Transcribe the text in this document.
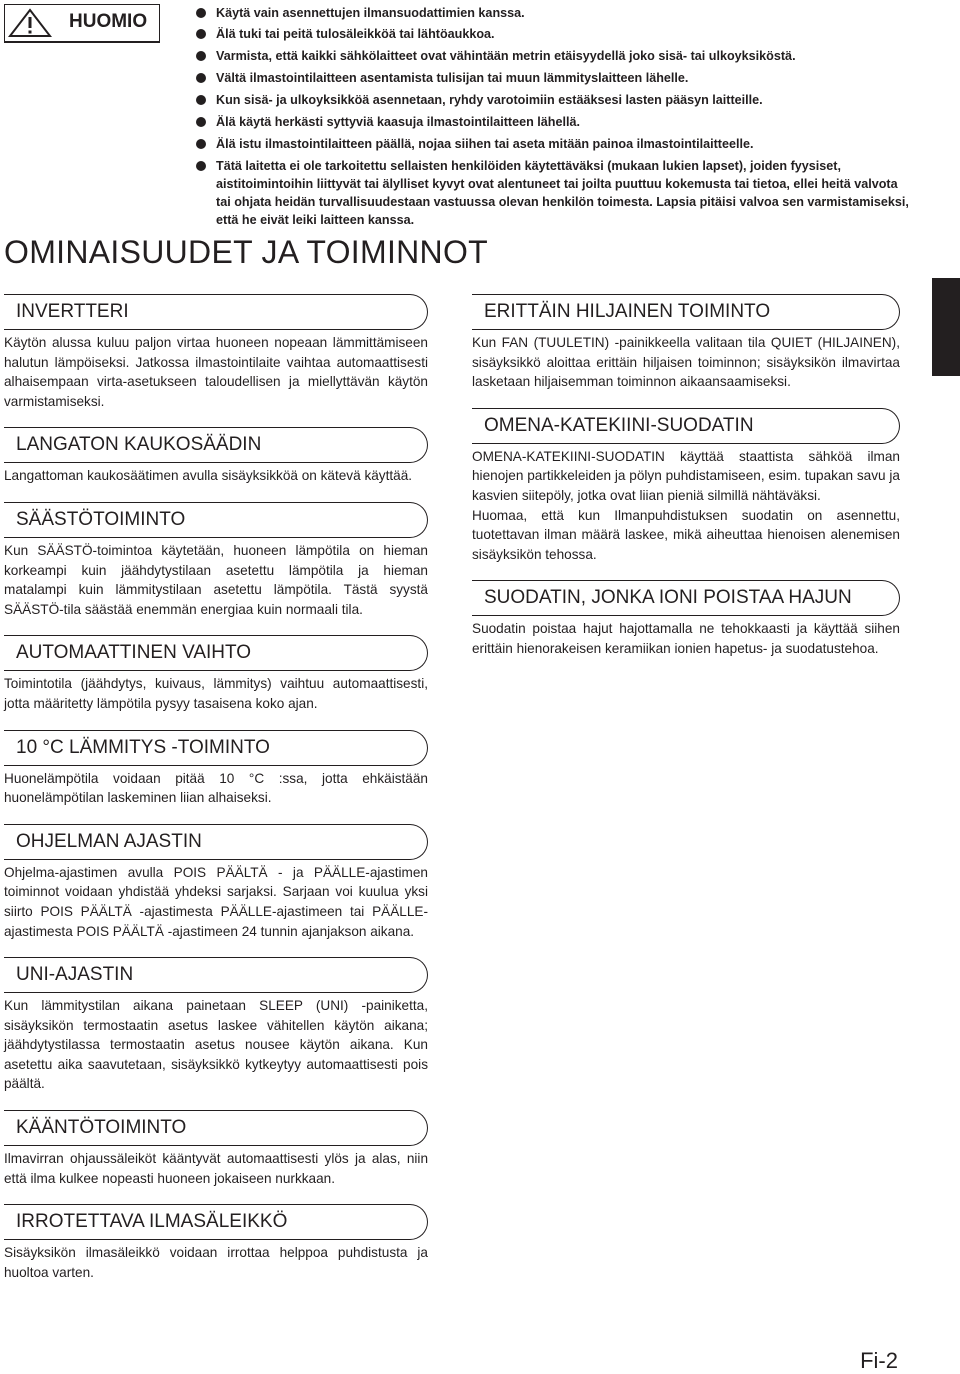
HUOMIO	Käytä vain asennettujen ilmansuodattimien kanssa.
Älä tuki tai peitä tulosäleikköä tai lähtöaukkoa.
Varmista, että kaikki sähkölaitteet ovat vähintään metrin etäisyydellä joko sisä- tai ulkoyksiköstä.
Vältä ilmastointilaitteen asentamista tulisijan tai muun lämmityslaitteen lähelle.
Kun sisä- ja ulkoyksikköä asennetaan, ryhdy varotoimiin estääksesi lasten pääsyn laitteille.
Älä käytä herkästi syttyviä kaasuja ilmastointilaitteen lähellä.
Älä istu ilmastointilaitteen päällä, nojaa siihen tai aseta mitään painoa ilmastointilaitteelle.
Tätä laitetta ei ole tarkoitettu sellaisten henkilöiden käytettäväksi (mukaan lukien lapset), joiden fyysiset, aistitoimintoihin liittyvät tai älylliset kyvyt ovat alentuneet tai joilta puuttuu kokemusta tai tietoa, ellei heitä valvota tai ohjata heidän turvallisuudestaan vastuussa olevan henkilön toimesta. Lapsia pitäisi valvoa sen varmistamiseksi, että he eivät leiki laitteen kanssa.
OMINAISUUDET JA TOIMINNOT
INVERTTERI

Käytön alussa kuluu paljon virtaa huoneen nopeaan lämmittämiseen halutun lämpöiseksi. Jatkossa ilmastointilaite vaihtaa automaattisesti alhaisempaan virta-asetukseen taloudellisen ja miellyttävän käytön varmistamiseksi.

LANGATON KAUKOSÄÄDIN

Langattoman kaukosäätimen avulla sisäyksikköä on kätevä käyttää.

SÄÄSTÖTOIMINTO

Kun SÄÄSTÖ-toimintoa käytetään, huoneen lämpötila on hieman korkeampi kuin jäähdytystilaan asetettu lämpötila ja hieman matalampi kuin lämmitystilaan asetettu lämpötila. Tästä syystä SÄÄSTÖ-tila säästää enemmän energiaa kuin normaali tila.

AUTOMAATTINEN VAIHTO

Toimintotila (jäähdytys, kuivaus, lämmitys) vaihtuu automaattisesti, jotta määritetty lämpötila pysyy tasaisena koko ajan.

10 °C LÄMMITYS -TOIMINTO

Huonelämpötila voidaan pitää 10 °C :ssa, jotta ehkäistään huonelämpötilan laskeminen liian alhaiseksi.

OHJELMAN AJASTIN

Ohjelma-ajastimen avulla POIS PÄÄLTÄ - ja PÄÄLLE-ajastimen toiminnot voidaan yhdistää yhdeksi sarjaksi. Sarjaan voi kuulua yksi siirto POIS PÄÄLTÄ -ajastimesta PÄÄLLE-ajastimeen tai PÄÄLLE-ajastimesta POIS PÄÄLTÄ -ajastimeen 24 tunnin ajanjakson aikana.

UNI-AJASTIN

Kun lämmitystilan aikana painetaan SLEEP (UNI) -painiketta, sisäyksikön termostaatin asetus laskee vähitellen käytön aikana; jäähdytystilassa termostaatin asetus nousee käytön aikana. Kun asetettu aika saavutetaan, sisäyksikkö kytkeytyy automaattisesti pois päältä.

KÄÄNTÖTOIMINTO

Ilmavirran ohjaussäleiköt kääntyvät automaattisesti ylös ja alas, niin että ilma kulkee nopeasti huoneen jokaiseen nurkkaan.

IRROTETTAVA ILMASÄLEIKKÖ

Sisäyksikön ilmasäleikkö voidaan irrottaa helppoa puhdistusta ja huoltoa varten.

ERITTÄIN HILJAINEN TOIMINTO

Kun FAN (TUULETIN) -painikkeella valitaan tila QUIET (HILJAINEN), sisäyksikkö aloittaa erittäin hiljaisen toiminnon; sisäyksikön ilmavirtaa lasketaan hiljaisemman toiminnon aikaansaamiseksi.

OMENA-KATEKIINI-SUODATIN

OMENA-KATEKIINI-SUODATIN käyttää staattista sähköä ilman hienojen partikkeleiden ja pölyn puhdistamiseen, esim. tupakan savu ja kasvien siitepöly, jotka ovat liian pieniä silmillä nähtäväksi.

Huomaa, että kun Ilmanpuhdistuksen suodatin on asennettu, tuotettavan ilman määrä laskee, mikä aiheuttaa hienoisen alenemisen sisäyksikön tehossa.

SUODATIN, JONKA IONI POISTAA HAJUN

Suodatin poistaa hajut hajottamalla ne tehokkaasti ja käyttää siihen erittäin hienorakeisen keramiikan ionien hapetus- ja suodatustehoa.

Fi-2
